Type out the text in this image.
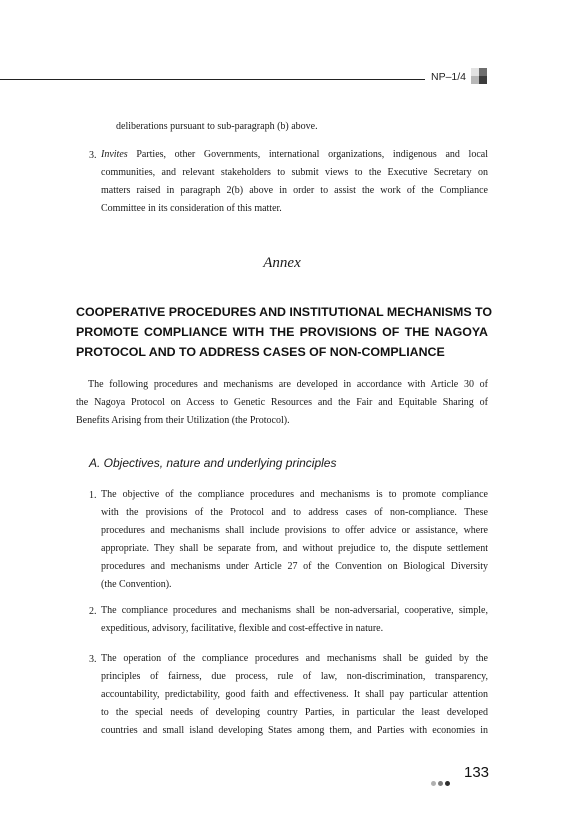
NP–1/4
deliberations pursuant to sub-paragraph (b) above.
3. Invites Parties, other Governments, international organizations, indigenous and local
communities, and relevant stakeholders to submit views to the Executive Secretary on
matters raised in paragraph 2(b) above in order to assist the work of the Compliance
Committee in its consideration of this matter.
Annex
COOPERATIVE PROCEDURES AND INSTITUTIONAL MECHANISMS TO
PROMOTE COMPLIANCE WITH THE PROVISIONS OF THE NAGOYA
PROTOCOL AND TO ADDRESS CASES OF NON-COMPLIANCE
The following procedures and mechanisms are developed in accordance with Article 30 of
the Nagoya Protocol on Access to Genetic Resources and the Fair and Equitable Sharing of
Benefits Arising from their Utilization (the Protocol).
A. Objectives, nature and underlying principles
1. The objective of the compliance procedures and mechanisms is to promote compliance
with the provisions of the Protocol and to address cases of non-compliance. These
procedures and mechanisms shall include provisions to offer advice or assistance, where
appropriate. They shall be separate from, and without prejudice to, the dispute settlement
procedures and mechanisms under Article 27 of the Convention on Biological Diversity
(the Convention).
2. The compliance procedures and mechanisms shall be non-adversarial, cooperative, simple,
expeditious, advisory, facilitative, flexible and cost-effective in nature.
3. The operation of the compliance procedures and mechanisms shall be guided by the
principles of fairness, due process, rule of law, non-discrimination, transparency,
accountability, predictability, good faith and effectiveness. It shall pay particular attention
to the special needs of developing country Parties, in particular the least developed
countries and small island developing States among them, and Parties with economies in
133
